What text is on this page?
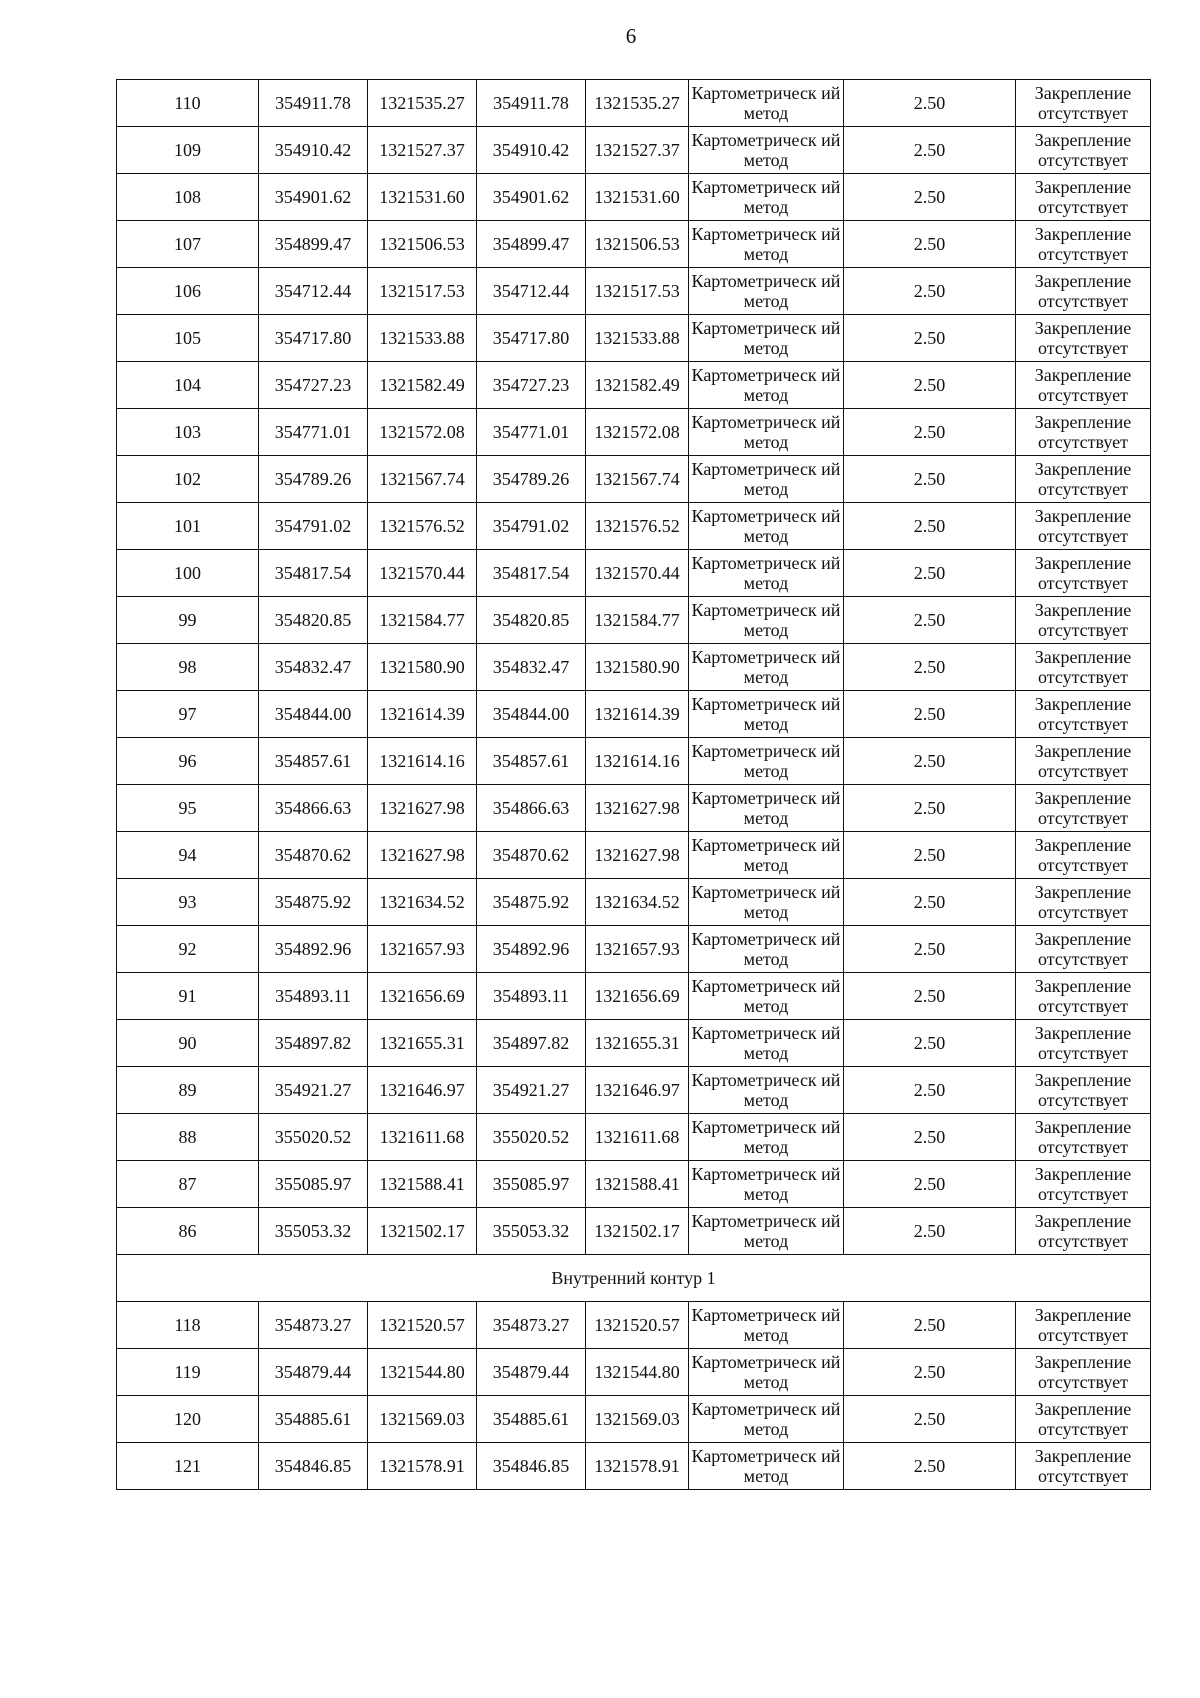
6
110	354911.78	1321535.27	354911.78	1321535.27	Картометрическ ий метод	2.50	Закрепление отсутствует
109	354910.42	1321527.37	354910.42	1321527.37	Картометрическ ий метод	2.50	Закрепление отсутствует
108	354901.62	1321531.60	354901.62	1321531.60	Картометрическ ий метод	2.50	Закрепление отсутствует
107	354899.47	1321506.53	354899.47	1321506.53	Картометрическ ий метод	2.50	Закрепление отсутствует
106	354712.44	1321517.53	354712.44	1321517.53	Картометрическ ий метод	2.50	Закрепление отсутствует
105	354717.80	1321533.88	354717.80	1321533.88	Картометрическ ий метод	2.50	Закрепление отсутствует
104	354727.23	1321582.49	354727.23	1321582.49	Картометрическ ий метод	2.50	Закрепление отсутствует
103	354771.01	1321572.08	354771.01	1321572.08	Картометрическ ий метод	2.50	Закрепление отсутствует
102	354789.26	1321567.74	354789.26	1321567.74	Картометрическ ий метод	2.50	Закрепление отсутствует
101	354791.02	1321576.52	354791.02	1321576.52	Картометрическ ий метод	2.50	Закрепление отсутствует
100	354817.54	1321570.44	354817.54	1321570.44	Картометрическ ий метод	2.50	Закрепление отсутствует
99	354820.85	1321584.77	354820.85	1321584.77	Картометрическ ий метод	2.50	Закрепление отсутствует
98	354832.47	1321580.90	354832.47	1321580.90	Картометрическ ий метод	2.50	Закрепление отсутствует
97	354844.00	1321614.39	354844.00	1321614.39	Картометрическ ий метод	2.50	Закрепление отсутствует
96	354857.61	1321614.16	354857.61	1321614.16	Картометрическ ий метод	2.50	Закрепление отсутствует
95	354866.63	1321627.98	354866.63	1321627.98	Картометрическ ий метод	2.50	Закрепление отсутствует
94	354870.62	1321627.98	354870.62	1321627.98	Картометрическ ий метод	2.50	Закрепление отсутствует
93	354875.92	1321634.52	354875.92	1321634.52	Картометрическ ий метод	2.50	Закрепление отсутствует
92	354892.96	1321657.93	354892.96	1321657.93	Картометрическ ий метод	2.50	Закрепление отсутствует
91	354893.11	1321656.69	354893.11	1321656.69	Картометрическ ий метод	2.50	Закрепление отсутствует
90	354897.82	1321655.31	354897.82	1321655.31	Картометрическ ий метод	2.50	Закрепление отсутствует
89	354921.27	1321646.97	354921.27	1321646.97	Картометрическ ий метод	2.50	Закрепление отсутствует
88	355020.52	1321611.68	355020.52	1321611.68	Картометрическ ий метод	2.50	Закрепление отсутствует
87	355085.97	1321588.41	355085.97	1321588.41	Картометрическ ий метод	2.50	Закрепление отсутствует
86	355053.32	1321502.17	355053.32	1321502.17	Картометрическ ий метод	2.50	Закрепление отсутствует
Внутренний контур 1							
118	354873.27	1321520.57	354873.27	1321520.57	Картометрическ ий метод	2.50	Закрепление отсутствует
119	354879.44	1321544.80	354879.44	1321544.80	Картометрическ ий метод	2.50	Закрепление отсутствует
120	354885.61	1321569.03	354885.61	1321569.03	Картометрическ ий метод	2.50	Закрепление отсутствует
121	354846.85	1321578.91	354846.85	1321578.91	Картометрическ ий метод	2.50	Закрепление отсутствует
